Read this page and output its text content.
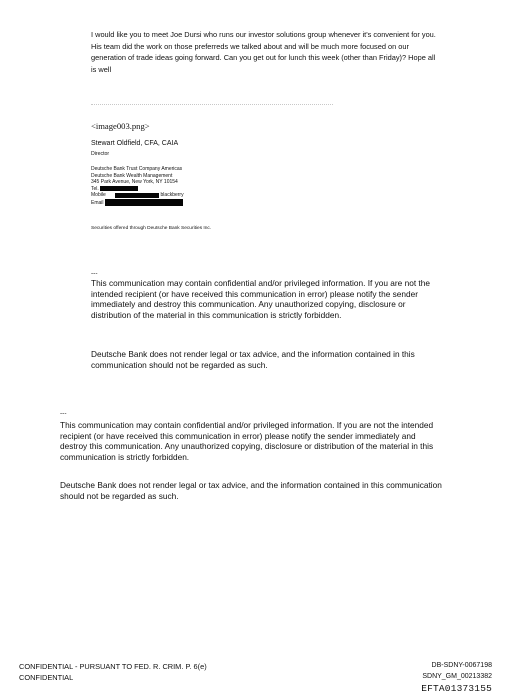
I would like you to meet Joe Dursi who runs our investor solutions group whenever it's convenient for you. His team did the work on those preferreds we talked about and will be much more focused on our generation of trade ideas going forward. Can you get out for lunch this week (other than Friday)? Hope all is well
<image003.png>
Stewart Oldfield, CFA, CAIA
Director
Deutsche Bank Trust Company Americas
Deutsche Bank Wealth Management
345 Park Avenue, New York, NY 10154
Tel.
Mobile	blackberry
Email
Securities offered through Deutsche Bank Securities Inc.
---
This communication may contain confidential and/or privileged information. If you are not the intended recipient (or have received this communication in error) please notify the sender immediately and destroy this communication. Any unauthorized copying, disclosure or distribution of the material in this communication is strictly forbidden.
Deutsche Bank does not render legal or tax advice, and the information contained in this communication should not be regarded as such.
---
This communication may contain confidential and/or privileged information. If you are not the intended recipient (or have received this communication in error) please notify the sender immediately and destroy this communication. Any unauthorized copying, disclosure or distribution of the material in this communication is strictly forbidden.
Deutsche Bank does not render legal or tax advice, and the information contained in this communication should not be regarded as such.
CONFIDENTIAL - PURSUANT TO FED. R. CRIM. P. 6(e)
CONFIDENTIAL
DB-SDNY-0067198
SDNY_GM_00213382
EFTA01373155
